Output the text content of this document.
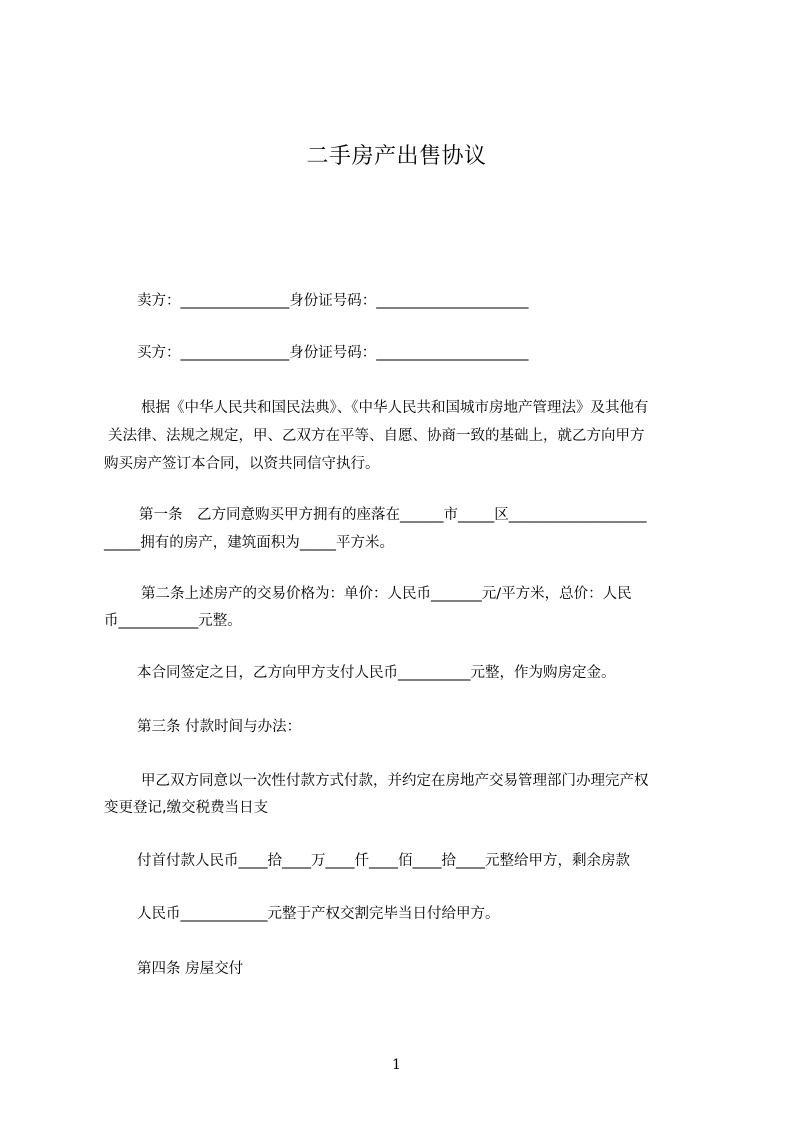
二手房产出售协议
卖方：_______________身份证号码：_____________________
买方：_______________身份证号码：_____________________
根据《中华人民共和国民法典》、《中华人民共和国城市房地产管理法》及其他有
关法律、法规之规定，甲、乙双方在平等、自愿、协商一致的基础上，就乙方向甲方
购买房产签订本合同，以资共同信守执行。
第一条　乙方同意购买甲方拥有的座落在______市_____区___________________
_____拥有的房产，建筑面积为_____平方米。
第二条上述房产的交易价格为：单价：人民币_______元/平方米，总价：人民
币___________元整。
本合同签定之日，乙方向甲方支付人民币__________元整，作为购房定金。
第三条 付款时间与办法：
甲乙双方同意以一次性付款方式付款，并约定在房地产交易管理部门办理完产权
变更登记,缴交税费当日支
付首付款人民币____拾____万____仟____佰____拾____元整给甲方，剩余房款
人民币____________元整于产权交割完毕当日付给甲方。
第四条 房屋交付
1
